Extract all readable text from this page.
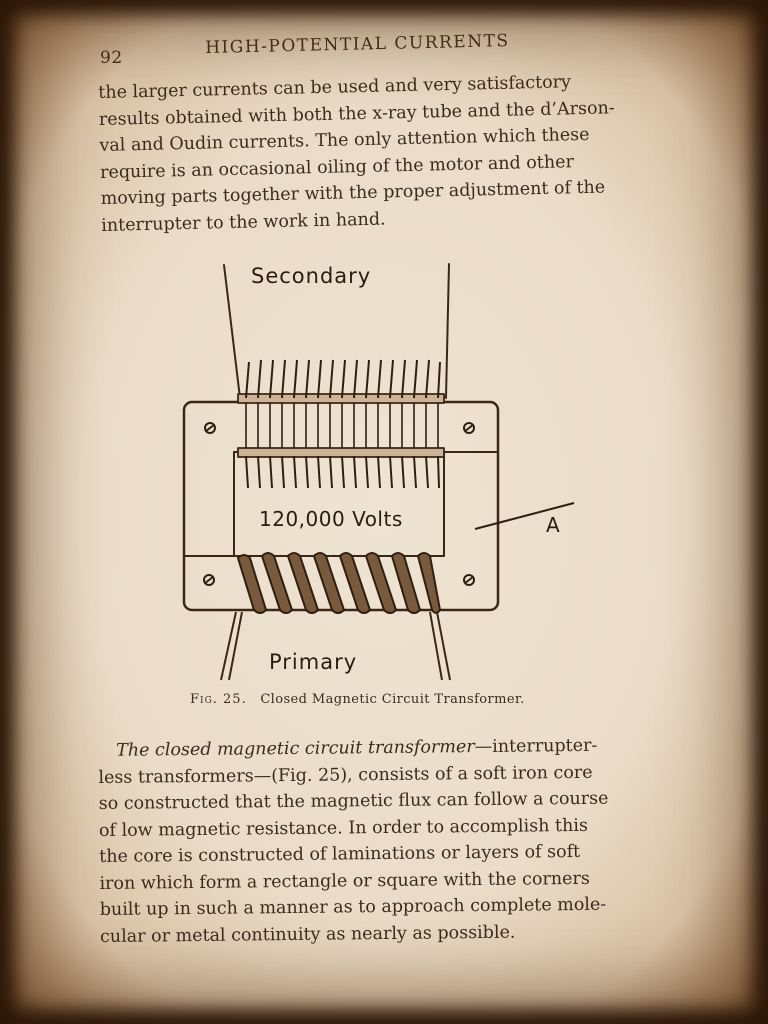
92
HIGH-POTENTIAL CURRENTS
the larger currents can be used and very satisfactory
results obtained with both the x-ray tube and the d’Arson-
val and Oudin currents. The only attention which these
require is an occasional oiling of the motor and other
moving parts together with the proper adjustment of the
interrupter to the work in hand.
Secondary
120,000 Volts	A
Primary
Fig. 25. Closed Magnetic Circuit Transformer.
The closed magnetic circuit transformer—interrupter-
less transformers—(Fig. 25), consists of a soft iron core
so constructed that the magnetic flux can follow a course
of low magnetic resistance. In order to accomplish this
the core is constructed of laminations or layers of soft
iron which form a rectangle or square with the corners
built up in such a manner as to approach complete mole-
cular or metal continuity as nearly as possible.
